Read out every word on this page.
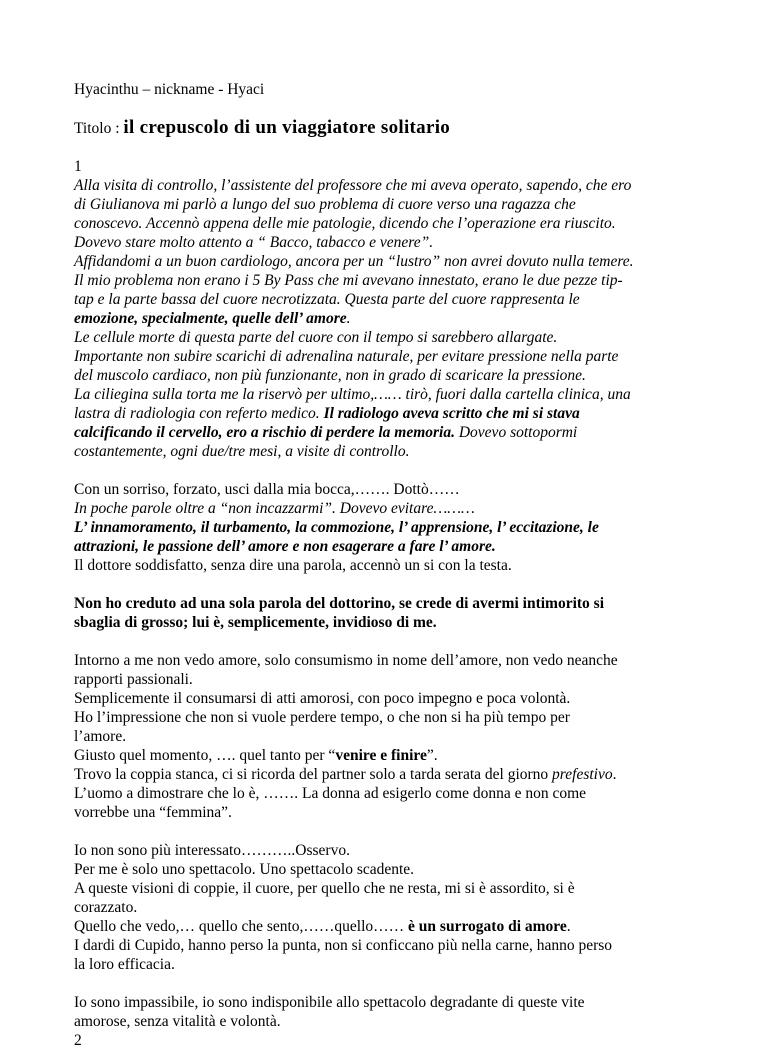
Hyacinthu – nickname - Hyaci

Titolo : il crepuscolo di un viaggiatore solitario

1

Alla visita di controllo, l’assistente del professore che mi aveva operato, sapendo, che ero

di Giulianova mi parlò a lungo del suo problema di cuore verso una ragazza che

conoscevo. Accennò appena delle mie patologie, dicendo che l’operazione era riuscito.

Dovevo stare molto attento a “ Bacco, tabacco e venere”.

Affidandomi a un buon cardiologo, ancora per un “lustro” non avrei dovuto nulla temere.

Il mio problema non erano i 5 By Pass che mi avevano innestato, erano le due pezze tip-

tap e la parte bassa del cuore necrotizzata. Questa parte del cuore rappresenta le

emozione, specialmente, quelle dell’ amore.

Le cellule morte di questa parte del cuore con il tempo si sarebbero allargate.

Importante non subire scarichi di adrenalina naturale, per evitare pressione nella parte

del muscolo cardiaco, non più funzionante, non in grado di scaricare la pressione.

La ciliegina sulla torta me la riservò per ultimo,…… tirò, fuori dalla cartella clinica, una

lastra di radiologia con referto medico. Il radiologo aveva scritto che mi si stava

calcificando il cervello, ero a rischio di perdere la memoria. Dovevo sottopormi

costantemente, ogni due/tre mesi, a visite di controllo.

Con un sorriso, forzato, usci dalla mia bocca,……. Dottò……

In poche parole oltre a “non incazzarmi”. Dovevo evitare………

L’ innamoramento, il turbamento, la commozione, l’ apprensione, l’ eccitazione, le

attrazioni, le passione dell’ amore e non esagerare a fare l’ amore.

Il dottore soddisfatto, senza dire una parola, accennò un si con la testa.

Non ho creduto ad una sola parola del dottorino, se crede di avermi intimorito si

sbaglia di grosso; lui è, semplicemente, invidioso di me.

Intorno a me non vedo amore, solo consumismo in nome dell’amore, non vedo neanche

rapporti passionali.

Semplicemente il consumarsi di atti amorosi, con poco impegno e poca volontà.

Ho l’impressione che non si vuole perdere tempo, o che non si ha più tempo per

l’amore.

Giusto quel momento, …. quel tanto per “venire e finire”.

Trovo la coppia stanca, ci si ricorda del partner solo a tarda serata del giorno prefestivo.

L’uomo a dimostrare che lo è, ……. La donna ad esigerlo come donna e non come

vorrebbe una “femmina”.

Io non sono più interessato………..Osservo.

Per me è solo uno spettacolo. Uno spettacolo scadente.

A queste visioni di coppie, il cuore, per quello che ne resta, mi si è assordito, si è

corazzato.

Quello che vedo,… quello che sento,……quello…… è un surrogato di amore.

I dardi di Cupido, hanno perso la punta, non si conficcano più nella carne, hanno perso

la loro efficacia.

Io sono impassibile, io sono indisponibile allo spettacolo degradante di queste vite

amorose, senza vitalità e volontà.

2
